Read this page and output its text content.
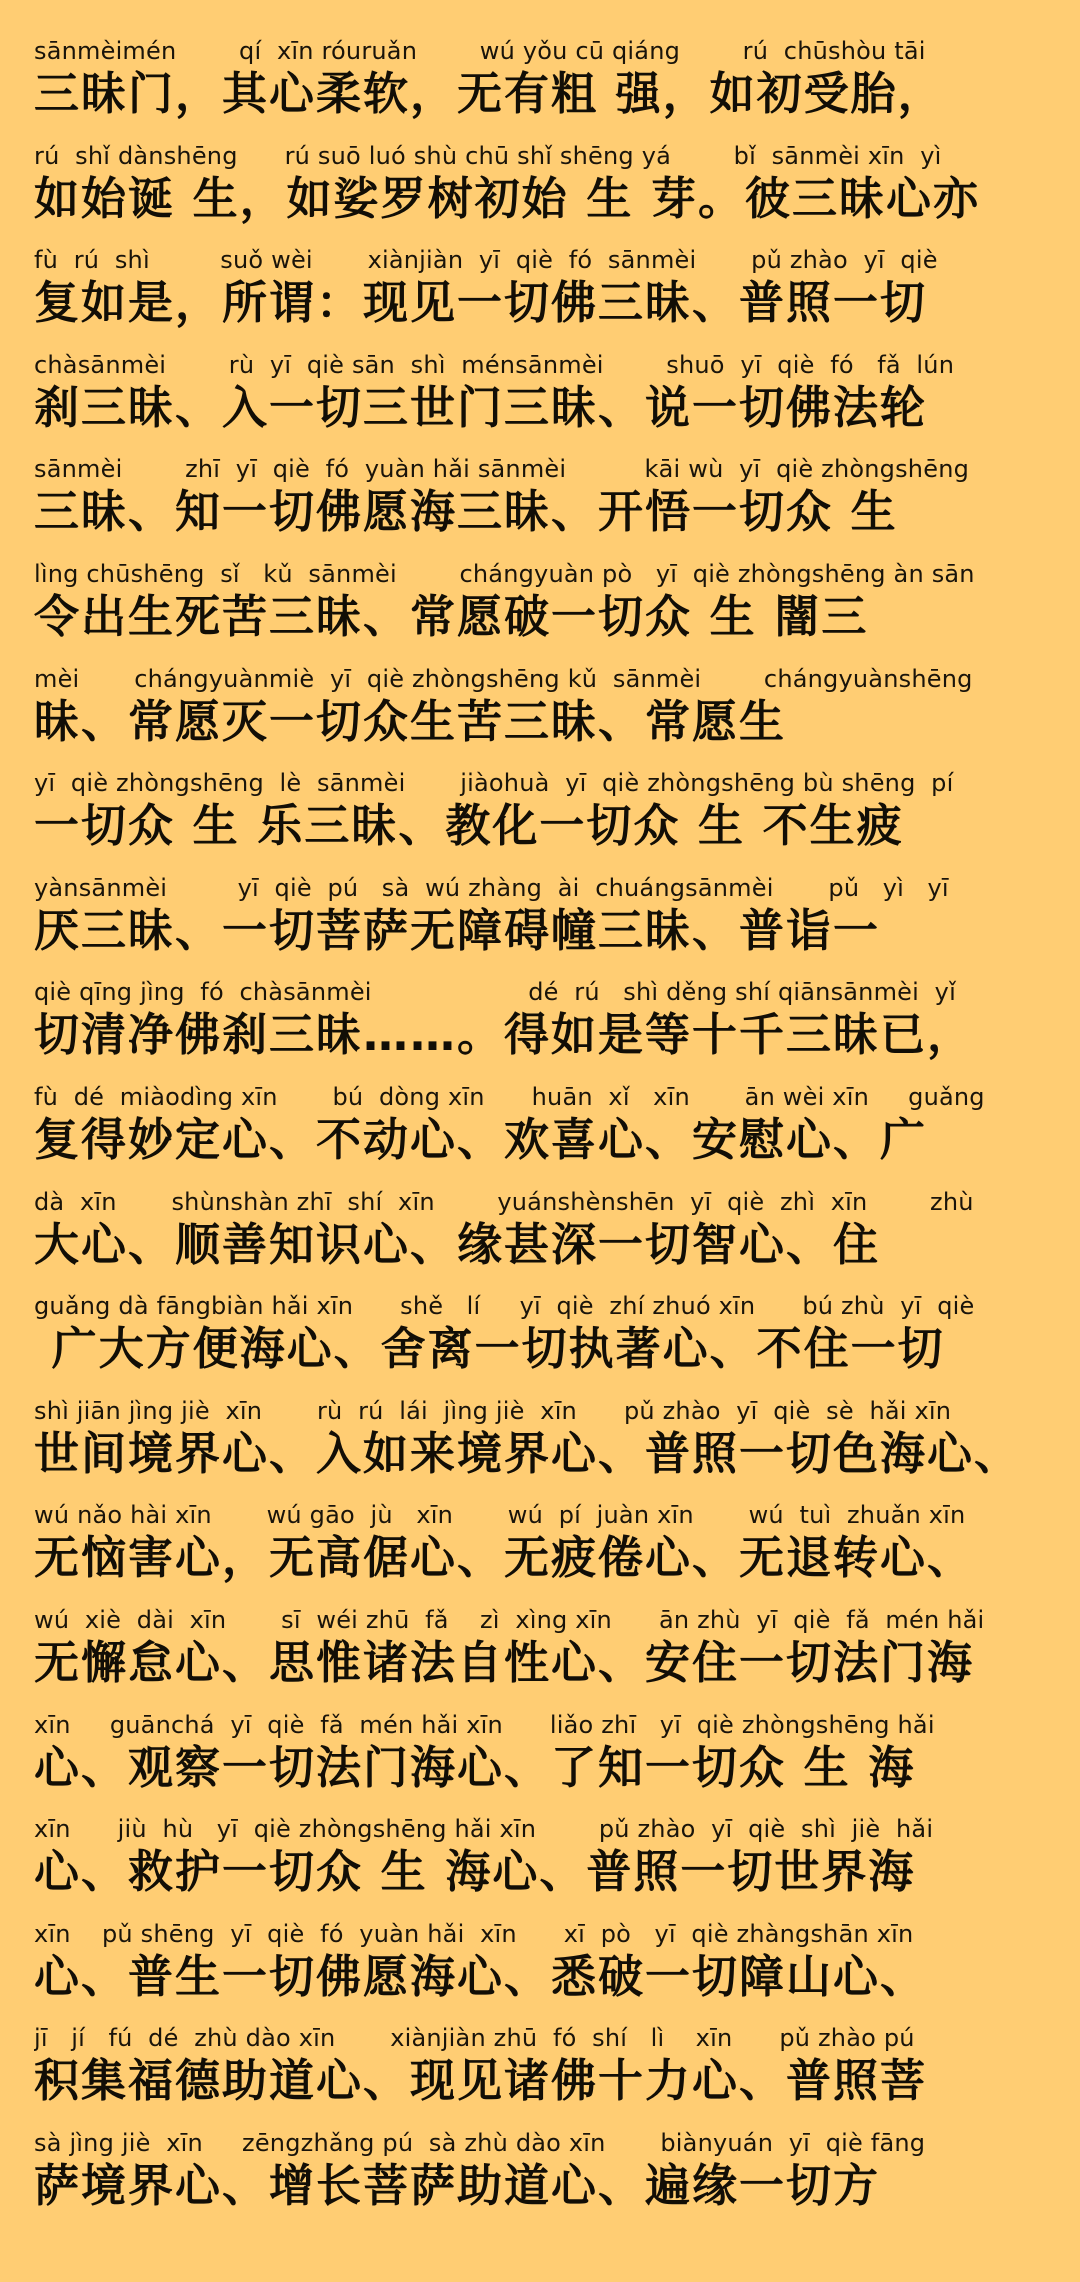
sānmèimén        qí  xīn róuruǎn        wú yǒu cū qiáng        rú  chūshòu tāi
三昧门，其心柔软，无有粗 强，如初受胎，
rú  shǐ dànshēng      rú suō luó shù chū shǐ shēng yá        bǐ  sānmèi xīn  yì
如始诞 生，如娑罗树初始 生 芽。彼三昧心亦
fù  rú  shì         suǒ wèi       xiànjiàn  yī  qiè  fó  sānmèi       pǔ zhào  yī  qiè
复如是，所谓：现见一切佛三昧、普照一切
chàsānmèi        rù  yī  qiè sān  shì  ménsānmèi        shuō  yī  qiè  fó   fǎ  lún
刹三昧、入一切三世门三昧、说一切佛法轮
sānmèi        zhī  yī  qiè  fó  yuàn hǎi sānmèi          kāi wù  yī  qiè zhòngshēng
三昧、知一切佛愿海三昧、开悟一切众 生
lìng chūshēng  sǐ   kǔ  sānmèi        chángyuàn pò   yī  qiè zhòngshēng àn sān
令出生死苦三昧、常愿破一切众 生 闇三
mèi       chángyuànmiè  yī  qiè zhòngshēng kǔ  sānmèi        chángyuànshēng
昧、常愿灭一切众生苦三昧、常愿生
yī  qiè zhòngshēng  lè  sānmèi       jiàohuà  yī  qiè zhòngshēng bù shēng  pí
一切众 生 乐三昧、教化一切众 生 不生疲
yànsānmèi         yī  qiè  pú   sà  wú zhàng  ài  chuángsānmèi       pǔ   yì   yī
厌三昧、一切菩萨无障碍幢三昧、普诣一
qiè qīng jìng  fó  chàsānmèi                    dé  rú   shì děng shí qiānsānmèi  yǐ
切清净佛刹三昧……。得如是等十千三昧已，
fù  dé  miàodìng xīn       bú  dòng xīn      huān  xǐ   xīn       ān wèi xīn     guǎng
复得妙定心、不动心、欢喜心、安慰心、广
dà  xīn       shùnshàn zhī  shí  xīn        yuánshènshēn  yī  qiè  zhì  xīn        zhù
大心、顺善知识心、缘甚深一切智心、住
guǎng dà fāngbiàn hǎi xīn      shě   lí     yī  qiè  zhí zhuó xīn      bú zhù  yī  qiè
广大方便海心、舍离一切执著心、不住一切
shì jiān jìng jiè  xīn       rù  rú  lái  jìng jiè  xīn      pǔ zhào  yī  qiè  sè  hǎi xīn
世间境界心、入如来境界心、普照一切色海心、
wú nǎo hài xīn       wú gāo  jù   xīn       wú  pí  juàn xīn       wú  tuì  zhuǎn xīn
无恼害心，无高倨心、无疲倦心、无退转心、
wú  xiè  dài  xīn       sī  wéi zhū  fǎ    zì  xìng xīn      ān zhù  yī  qiè  fǎ  mén hǎi
无懈怠心、思惟诸法自性心、安住一切法门海
xīn     guānchá  yī  qiè  fǎ  mén hǎi xīn      liǎo zhī   yī  qiè zhòngshēng hǎi
心、观察一切法门海心、了知一切众 生 海
xīn      jiù  hù   yī  qiè zhòngshēng hǎi xīn        pǔ zhào  yī  qiè  shì  jiè  hǎi
心、救护一切众 生 海心、普照一切世界海
xīn    pǔ shēng  yī  qiè  fó  yuàn hǎi  xīn      xī  pò   yī  qiè zhàngshān xīn
心、普生一切佛愿海心、悉破一切障山心、
jī   jí   fú  dé  zhù dào xīn       xiànjiàn zhū  fó  shí   lì    xīn      pǔ zhào pú
积集福德助道心、现见诸佛十力心、普照菩
sà jìng jiè  xīn     zēngzhǎng pú  sà zhù dào xīn       biànyuán  yī  qiè fāng
萨境界心、增长菩萨助道心、遍缘一切方
